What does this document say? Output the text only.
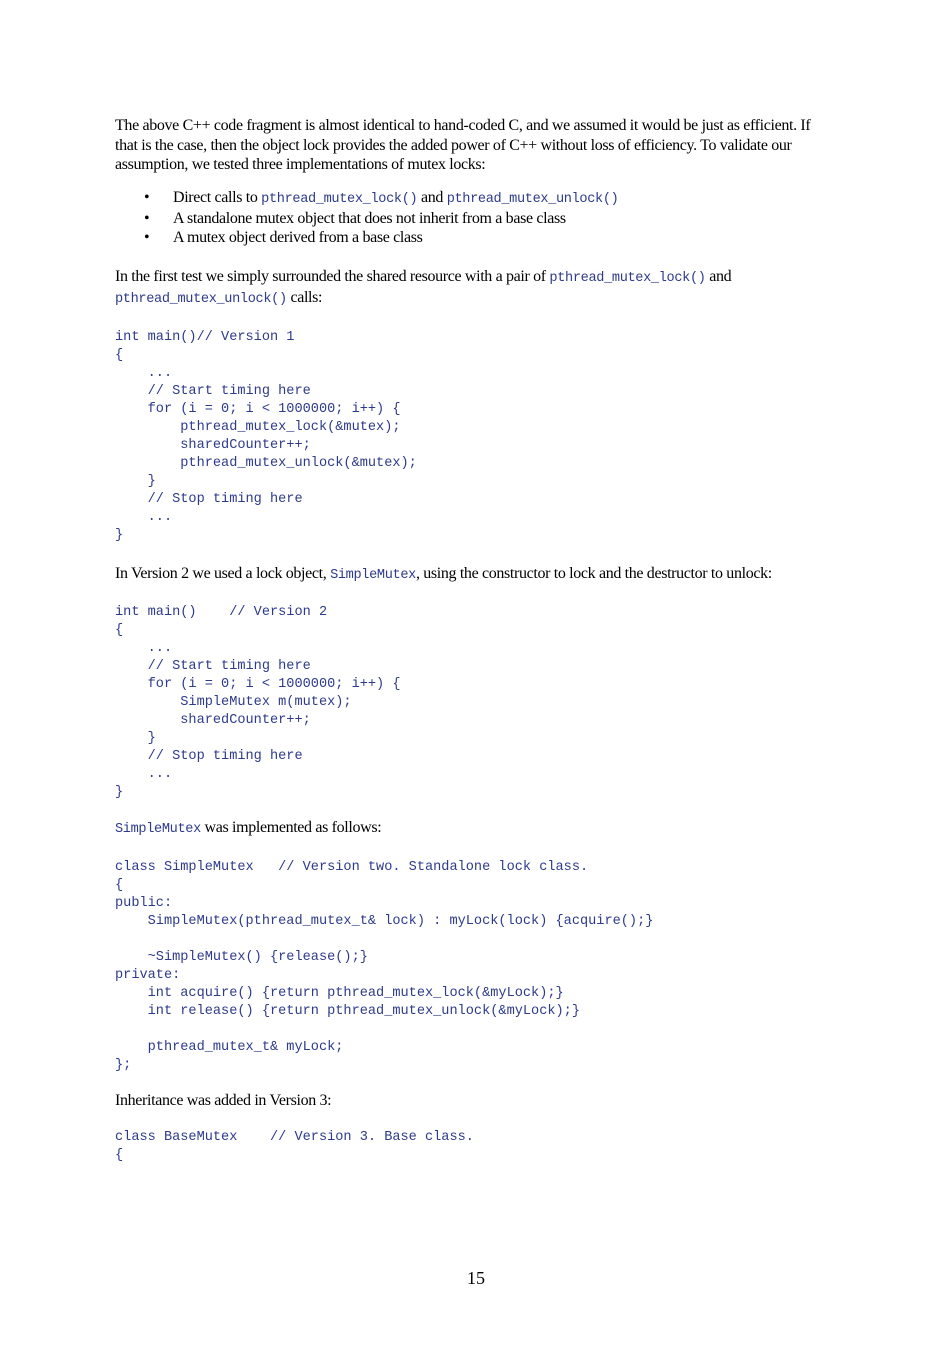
The above C++ code fragment is almost identical to hand-coded C, and we assumed it would be just as efficient. If that is the case, then the object lock provides the added power of C++ without loss of efficiency. To validate our assumption, we tested three implementations of mutex locks:

• Direct calls to pthread_mutex_lock() and pthread_mutex_unlock()
• A standalone mutex object that does not inherit from a base class
• A mutex object derived from a base class

In the first test we simply surrounded the shared resource with a pair of pthread_mutex_lock() and
pthread_mutex_unlock() calls:

int main()// Version 1
{
...
// Start timing here
for (i = 0; i < 1000000; i++) {
pthread_mutex_lock(&mutex);
sharedCounter++;
pthread_mutex_unlock(&mutex);
}
// Stop timing here
...
}

In Version 2 we used a lock object, SimpleMutex, using the constructor to lock and the destructor to unlock:

int main()    // Version 2
{
...
// Start timing here
for (i = 0; i < 1000000; i++) {
SimpleMutex m(mutex);
sharedCounter++;
}
// Stop timing here
...
}

SimpleMutex was implemented as follows:

class SimpleMutex   // Version two. Standalone lock class.
{
public:
SimpleMutex(pthread_mutex_t& lock) : myLock(lock) {acquire();}

~SimpleMutex() {release();}
private:
int acquire() {return pthread_mutex_lock(&myLock);}
int release() {return pthread_mutex_unlock(&myLock);}

pthread_mutex_t& myLock;
};

Inheritance was added in Version 3:

class BaseMutex    // Version 3. Base class.
{
15
